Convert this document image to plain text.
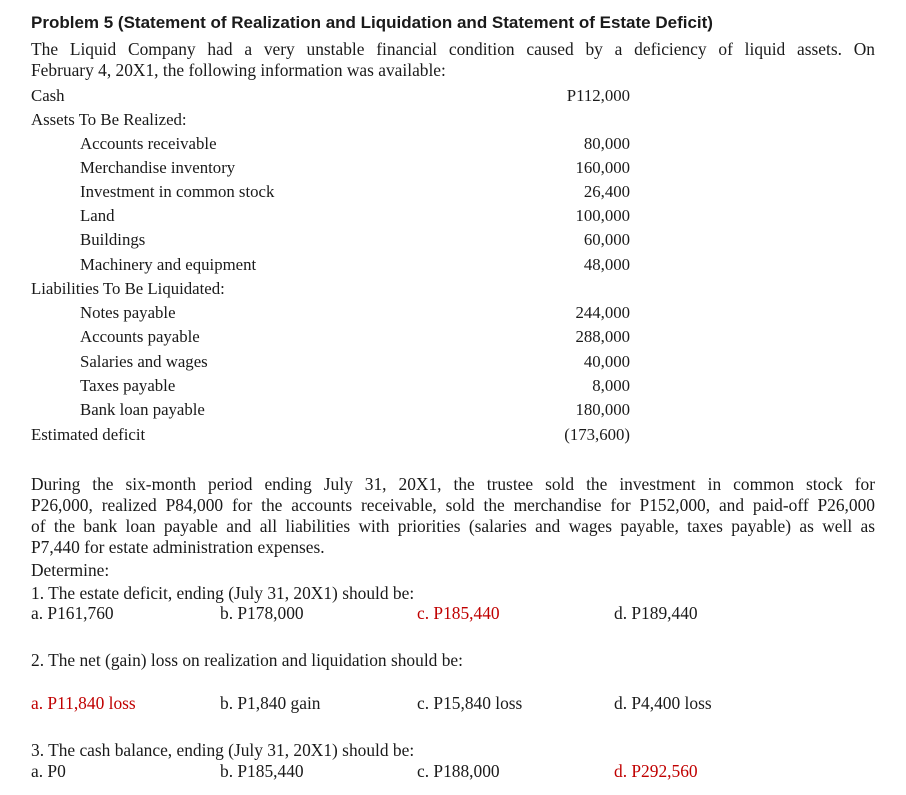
Problem 5 (Statement of Realization and Liquidation and Statement of Estate Deficit)
The Liquid Company had a very unstable financial condition caused by a deficiency of liquid assets. On
February 4, 20X1, the following information was available:
Cash	P112,000
Assets To Be Realized:
Accounts receivable	80,000
Merchandise inventory	160,000
Investment in common stock	26,400
Land	100,000
Buildings	60,000
Machinery and equipment	48,000
Liabilities To Be Liquidated:
Notes payable	244,000
Accounts payable	288,000
Salaries and wages	40,000
Taxes payable	8,000
Bank loan payable	180,000
Estimated deficit	(173,600)
During the six-month period ending July 31, 20X1, the trustee sold the investment in common stock for
P26,000, realized P84,000 for the accounts receivable, sold the merchandise for P152,000, and paid-off P26,000
of the bank loan payable and all liabilities with priorities (salaries and wages payable, taxes payable) as well as
P7,440 for estate administration expenses.
Determine:
1. The estate deficit, ending (July 31, 20X1) should be:
a. P161,760	b. P178,000	c. P185,440	d. P189,440
2. The net (gain) loss on realization and liquidation should be:
a. P11,840 loss	b. P1,840 gain	c. P15,840 loss	d. P4,400 loss
3. The cash balance, ending (July 31, 20X1) should be:
a. P0	b. P185,440	c. P188,000	d. P292,560
